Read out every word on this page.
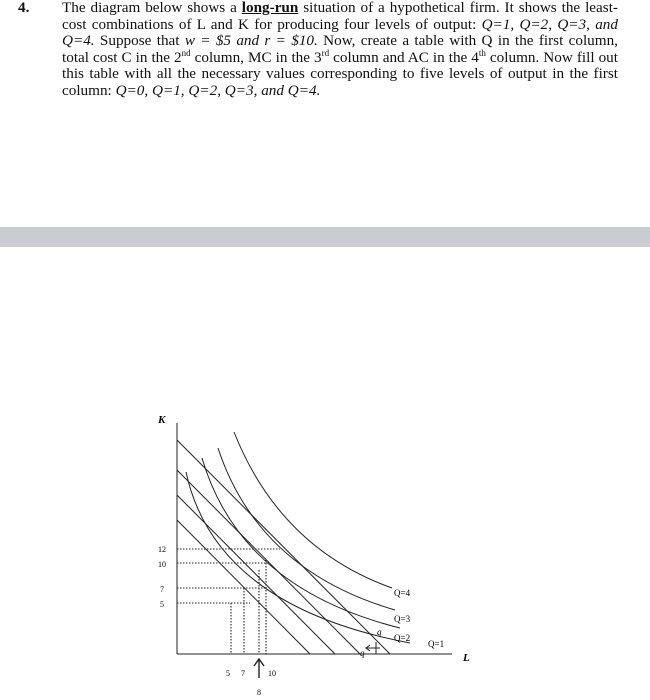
4.	The diagram below shows a long-run situation of a hypothetical firm. It shows the least-cost combinations of L and K for producing four levels of output: Q=1, Q=2, Q=3, and Q=4. Suppose that w = $5 and r = $10. Now, create a table with Q in the first column, total cost C in the 2nd column, MC in the 3rd column and AC in the 4th column. Now fill out this table with all the necessary values corresponding to five levels of output in the first column: Q=0, Q=1, Q=2, Q=3, and Q=4.
K
12
10
7
5
5 7	10
8
L
Q=4
Q=3
Q=2
Q=1
q
q
